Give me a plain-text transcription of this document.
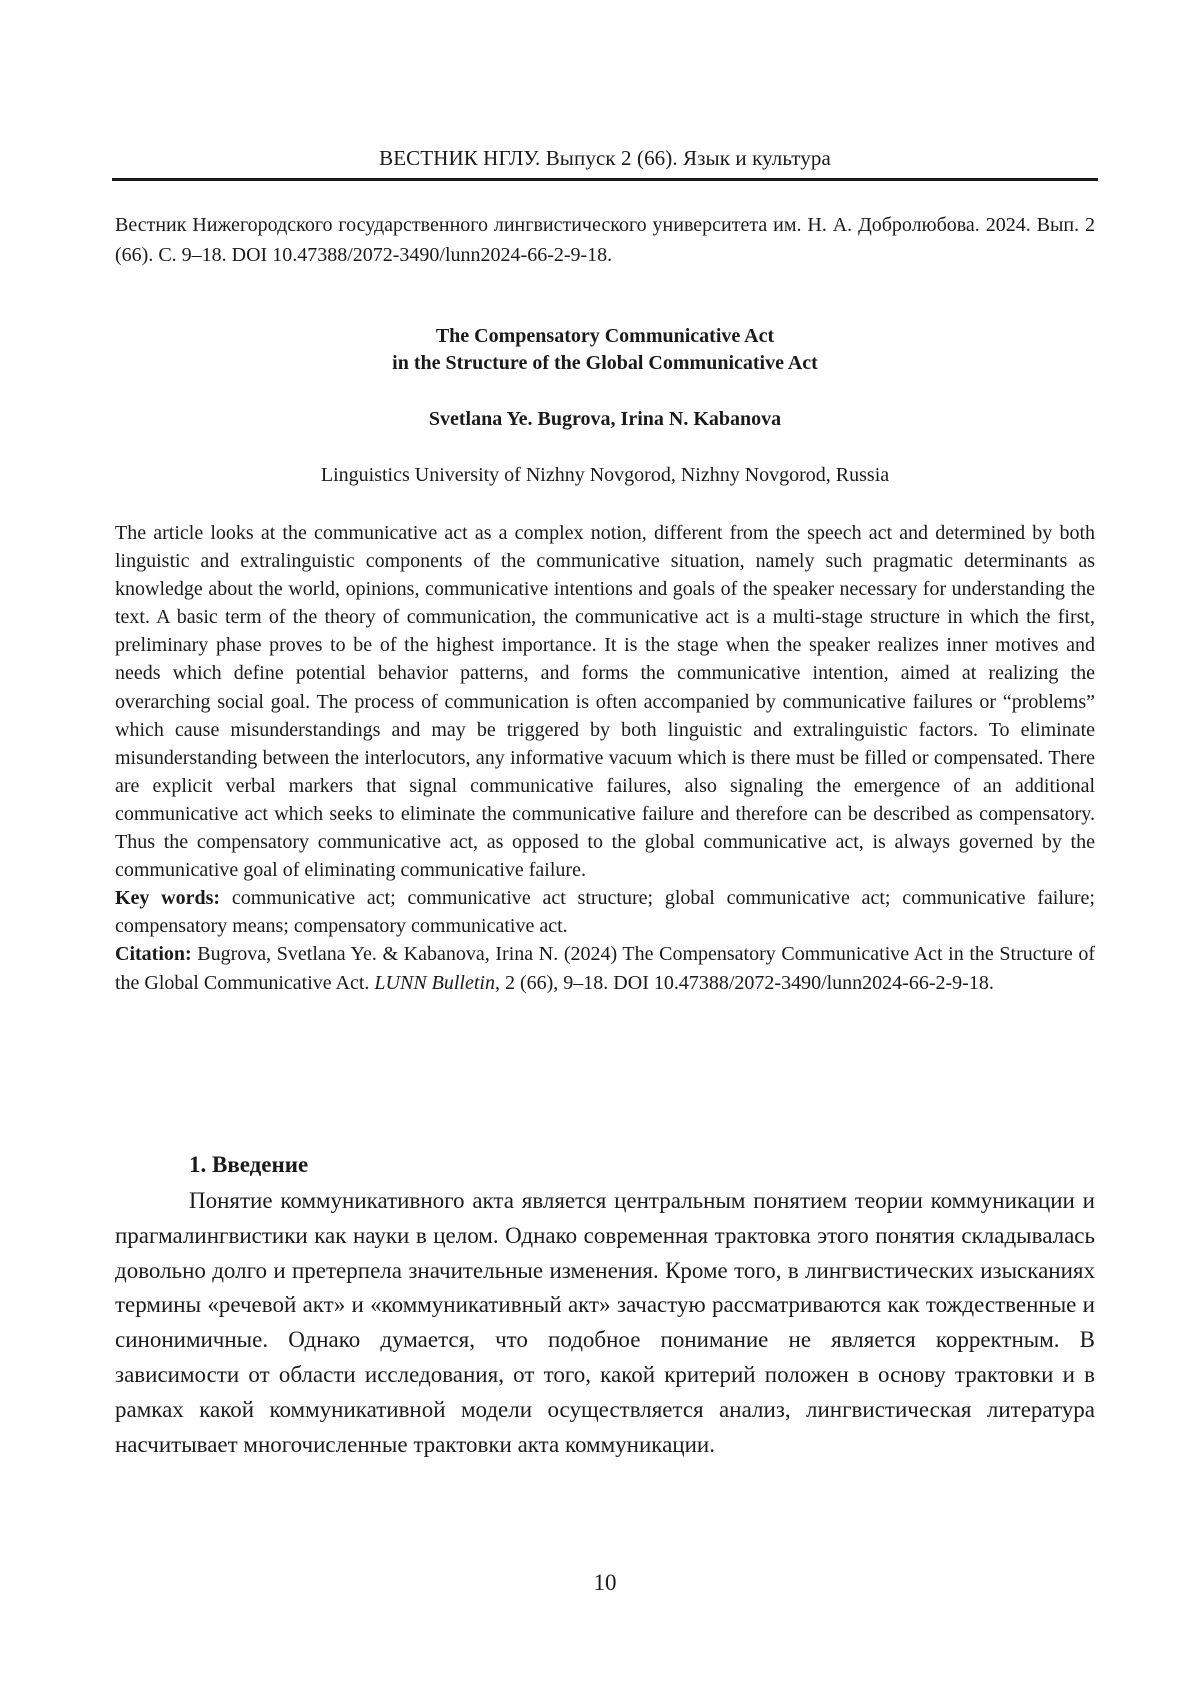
ВЕСТНИК НГЛУ. Выпуск 2 (66). Язык и культура
Вестник Нижегородского государственного лингвистического университета им. Н. А. Добролюбова. 2024. Вып. 2 (66). С. 9–18. DOI 10.47388/2072-3490/lunn2024-66-2-9-18.
The Compensatory Communicative Act
in the Structure of the Global Communicative Act
Svetlana Ye. Bugrova, Irina N. Kabanova
Linguistics University of Nizhny Novgorod, Nizhny Novgorod, Russia

The article looks at the communicative act as a complex notion, different from the speech act and determined by both linguistic and extralinguistic components of the communicative situation, namely such pragmatic determinants as knowledge about the world, opinions, communicative intentions and goals of the speaker necessary for understanding the text. A basic term of the theory of communication, the communicative act is a multi-stage structure in which the first, preliminary phase proves to be of the highest importance. It is the stage when the speaker realizes inner motives and needs which define potential behavior patterns, and forms the communicative intention, aimed at realizing the overarching social goal. The process of communication is often accompanied by communicative failures or “problems” which cause misunderstandings and may be triggered by both linguistic and extralinguistic factors. To eliminate misunderstanding between the interlocutors, any informative vacuum which is there must be filled or compensated. There are explicit verbal markers that signal communicative failures, also signaling the emergence of an additional communicative act which seeks to eliminate the communicative failure and therefore can be described as compensatory. Thus the compensatory communicative act, as opposed to the global communicative act, is always governed by the communicative goal of eliminating communicative failure.

Key words: communicative act; communicative act structure; global communicative act; communicative failure; compensatory means; compensatory communicative act.

Citation: Bugrova, Svetlana Ye. & Kabanova, Irina N. (2024) The Compensatory Communicative Act in the Structure of the Global Communicative Act. LUNN Bulletin, 2 (66), 9–18. DOI 10.47388/2072-3490/lunn2024-66-2-9-18.

1. Введение

Понятие коммуникативного акта является центральным понятием теории коммуникации и прагмалингвистики как науки в целом. Однако современная трактовка этого понятия складывалась довольно долго и претерпела значительные изменения. Кроме того, в лингвистических изысканиях термины «речевой акт» и «коммуникативный акт» зачастую рассматриваются как тождественные и синонимичные. Однако думается, что подобное понимание не является корректным. В зависимости от области исследования, от того, какой критерий положен в основу трактовки и в рамках какой коммуникативной модели осуществляется анализ, лингвистическая литература насчитывает многочисленные трактовки акта коммуникации.

10
